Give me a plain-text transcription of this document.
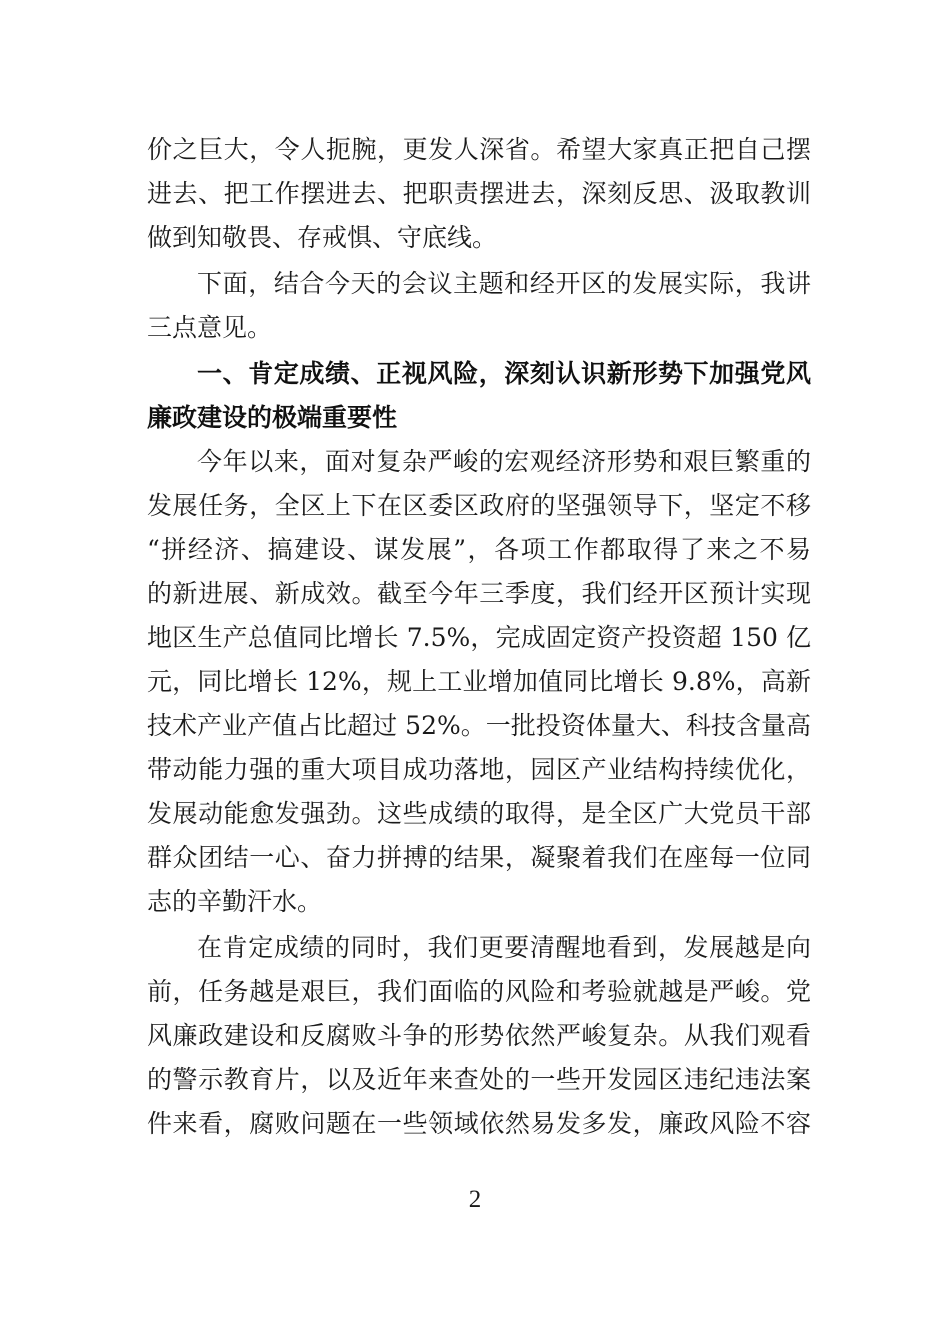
价之巨大，令人扼腕，更发人深省。希望大家真正把自己摆
进去、把工作摆进去、把职责摆进去，深刻反思、汲取教训
做到知敬畏、存戒惧、守底线。
下面，结合今天的会议主题和经开区的发展实际，我讲
三点意见。
一、肯定成绩、正视风险，深刻认识新形势下加强党风
廉政建设的极端重要性
今年以来，面对复杂严峻的宏观经济形势和艰巨繁重的
发展任务，全区上下在区委区政府的坚强领导下，坚定不移
“拼经济、搞建设、谋发展”，各项工作都取得了来之不易
的新进展、新成效。截至今年三季度，我们经开区预计实现
地区生产总值同比增长 7.5%，完成固定资产投资超 150 亿
元，同比增长 12%，规上工业增加值同比增长 9.8%，高新
技术产业产值占比超过 52%。一批投资体量大、科技含量高
带动能力强的重大项目成功落地，园区产业结构持续优化，
发展动能愈发强劲。这些成绩的取得，是全区广大党员干部
群众团结一心、奋力拼搏的结果，凝聚着我们在座每一位同
志的辛勤汗水。
在肯定成绩的同时，我们更要清醒地看到，发展越是向
前，任务越是艰巨，我们面临的风险和考验就越是严峻。党
风廉政建设和反腐败斗争的形势依然严峻复杂。从我们观看
的警示教育片，以及近年来查处的一些开发园区违纪违法案
件来看，腐败问题在一些领域依然易发多发，廉政风险不容
2
